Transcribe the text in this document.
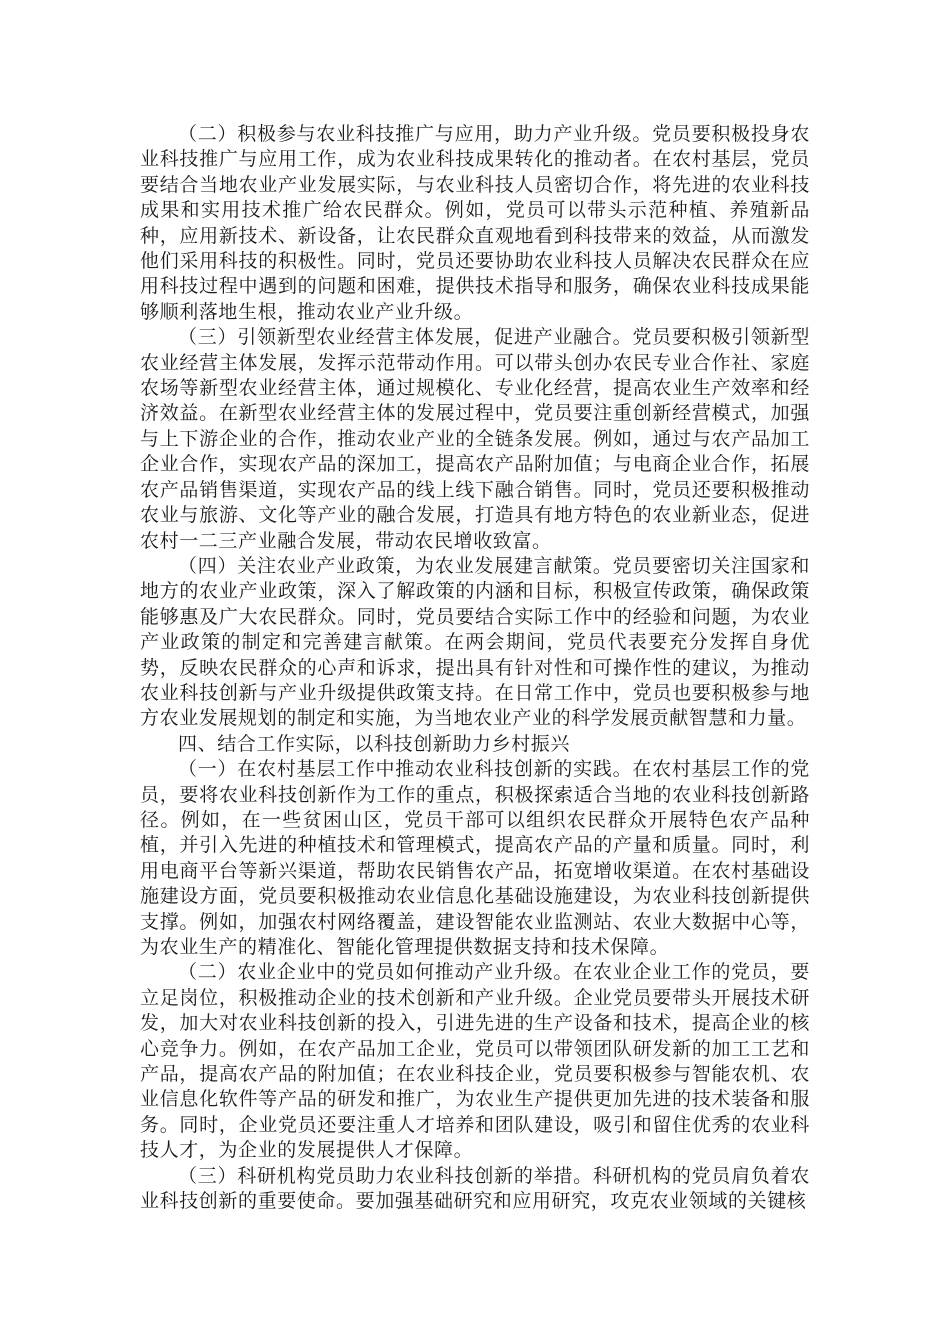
（二）积极参与农业科技推广与应用，助力产业升级。党员要积极投身农业科技推广与应用工作，成为农业科技成果转化的推动者。在农村基层，党员要结合当地农业产业发展实际，与农业科技人员密切合作，将先进的农业科技成果和实用技术推广给农民群众。例如，党员可以带头示范种植、养殖新品种，应用新技术、新设备，让农民群众直观地看到科技带来的效益，从而激发他们采用科技的积极性。同时，党员还要协助农业科技人员解决农民群众在应用科技过程中遇到的问题和困难，提供技术指导和服务，确保农业科技成果能够顺利落地生根，推动农业产业升级。

（三）引领新型农业经营主体发展，促进产业融合。党员要积极引领新型农业经营主体发展，发挥示范带动作用。可以带头创办农民专业合作社、家庭农场等新型农业经营主体，通过规模化、专业化经营，提高农业生产效率和经济效益。在新型农业经营主体的发展过程中，党员要注重创新经营模式，加强与上下游企业的合作，推动农业产业的全链条发展。例如，通过与农产品加工企业合作，实现农产品的深加工，提高农产品附加值；与电商企业合作，拓展农产品销售渠道，实现农产品的线上线下融合销售。同时，党员还要积极推动农业与旅游、文化等产业的融合发展，打造具有地方特色的农业新业态，促进农村一二三产业融合发展，带动农民增收致富。

（四）关注农业产业政策，为农业发展建言献策。党员要密切关注国家和地方的农业产业政策，深入了解政策的内涵和目标，积极宣传政策，确保政策能够惠及广大农民群众。同时，党员要结合实际工作中的经验和问题，为农业产业政策的制定和完善建言献策。在两会期间，党员代表要充分发挥自身优势，反映农民群众的心声和诉求，提出具有针对性和可操作性的建议，为推动农业科技创新与产业升级提供政策支持。在日常工作中，党员也要积极参与地方农业发展规划的制定和实施，为当地农业产业的科学发展贡献智慧和力量。

四、结合工作实际，以科技创新助力乡村振兴

（一）在农村基层工作中推动农业科技创新的实践。在农村基层工作的党员，要将农业科技创新作为工作的重点，积极探索适合当地的农业科技创新路径。例如，在一些贫困山区，党员干部可以组织农民群众开展特色农产品种植，并引入先进的种植技术和管理模式，提高农产品的产量和质量。同时，利用电商平台等新兴渠道，帮助农民销售农产品，拓宽增收渠道。在农村基础设施建设方面，党员要积极推动农业信息化基础设施建设，为农业科技创新提供支撑。例如，加强农村网络覆盖，建设智能农业监测站、农业大数据中心等，为农业生产的精准化、智能化管理提供数据支持和技术保障。

（二）农业企业中的党员如何推动产业升级。在农业企业工作的党员，要立足岗位，积极推动企业的技术创新和产业升级。企业党员要带头开展技术研发，加大对农业科技创新的投入，引进先进的生产设备和技术，提高企业的核心竞争力。例如，在农产品加工企业，党员可以带领团队研发新的加工工艺和产品，提高农产品的附加值；在农业科技企业，党员要积极参与智能农机、农业信息化软件等产品的研发和推广，为农业生产提供更加先进的技术装备和服务。同时，企业党员还要注重人才培养和团队建设，吸引和留住优秀的农业科技人才，为企业的发展提供人才保障。

（三）科研机构党员助力农业科技创新的举措。科研机构的党员肩负着农业科技创新的重要使命。要加强基础研究和应用研究，攻克农业领域的关键核
